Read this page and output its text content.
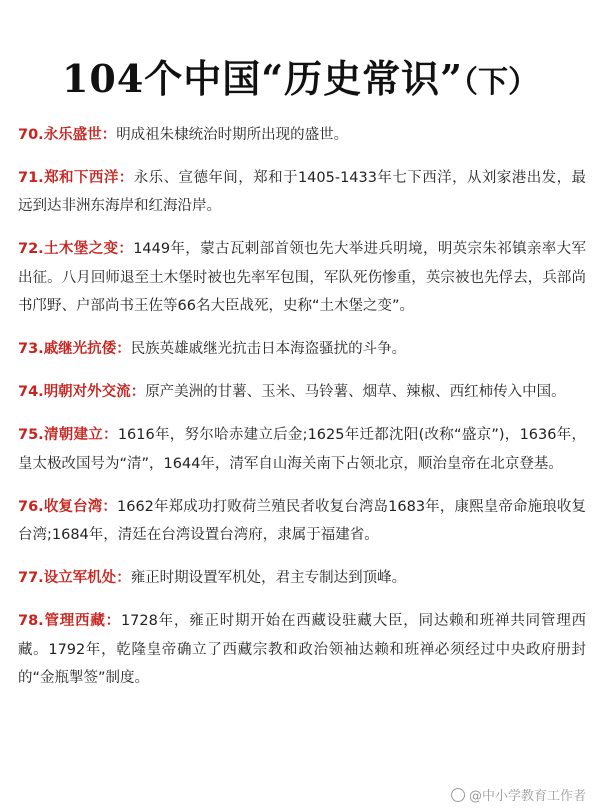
104个中国“历史常识”（下）

70.永乐盛世：明成祖朱棣统治时期所出现的盛世。

71.郑和下西洋：永乐、宣德年间，郑和于1405-1433年七下西洋，从刘家港出发，最远到达非洲东海岸和红海沿岸。

72.土木堡之变：1449年，蒙古瓦剌部首领也先大举进兵明境，明英宗朱祁镇亲率大军出征。八月回师退至土木堡时被也先率军包围，军队死伤惨重，英宗被也先俘去，兵部尚书邝野、户部尚书王佐等66名大臣战死，史称“土木堡之变”。

73.戚继光抗倭：民族英雄戚继光抗击日本海盗骚扰的斗争。

74.明朝对外交流：原产美洲的甘薯、玉米、马铃薯、烟草、辣椒、西红柿传入中国。

75.清朝建立：1616年，努尔哈赤建立后金;1625年迁都沈阳(改称“盛京”)，1636年，皇太极改国号为“清”，1644年，清军自山海关南下占领北京，顺治皇帝在北京登基。

76.收复台湾：1662年郑成功打败荷兰殖民者收复台湾岛1683年，康熙皇帝命施琅收复台湾;1684年，清廷在台湾设置台湾府，隶属于福建省。

77.设立军机处：雍正时期设置军机处，君主专制达到顶峰。

78.管理西藏：1728年，雍正时期开始在西藏设驻藏大臣，同达赖和班禅共同管理西藏。1792年，乾隆皇帝确立了西藏宗教和政治领袖达赖和班禅必须经过中央政府册封的“金瓶掣签”制度。

@中小学教育工作者
